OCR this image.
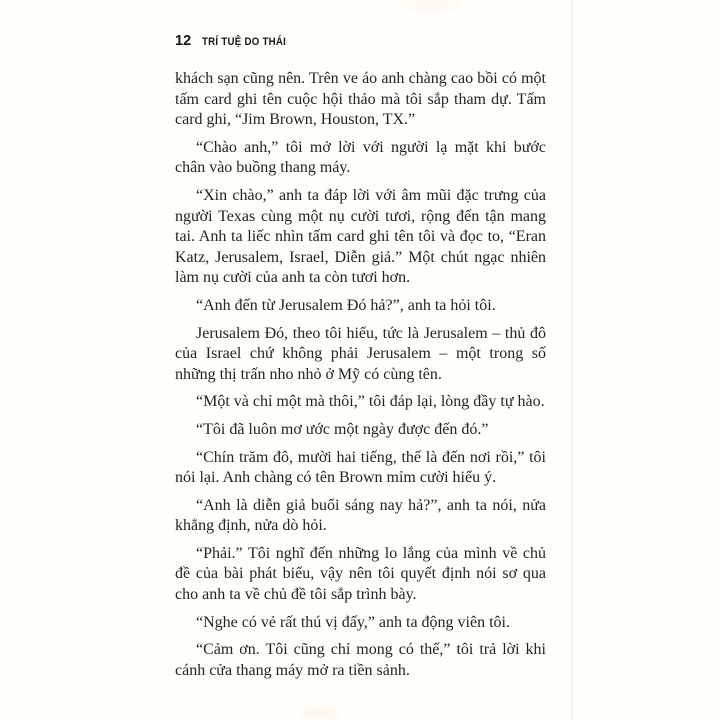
12 TRÍ TUỆ DO THÁI

khách sạn cũng nên. Trên ve áo anh chàng cao bồi có một tấm card ghi tên cuộc hội thảo mà tôi sắp tham dự. Tấm card ghi, “Jim Brown, Houston, TX.”

“Chào anh,” tôi mở lời với người lạ mặt khi bước chân vào buồng thang máy.

“Xin chào,” anh ta đáp lời với âm mũi đặc trưng của người Texas cùng một nụ cười tươi, rộng đến tận mang tai. Anh ta liếc nhìn tấm card ghi tên tôi và đọc to, “Eran Katz, Jerusalem, Israel, Diễn giả.” Một chút ngạc nhiên làm nụ cười của anh ta còn tươi hơn.

“Anh đến từ Jerusalem Đó hả?”, anh ta hỏi tôi.

Jerusalem Đó, theo tôi hiểu, tức là Jerusalem – thủ đô của Israel chứ không phải Jerusalem – một trong số những thị trấn nho nhỏ ở Mỹ có cùng tên.

“Một và chỉ một mà thôi,” tôi đáp lại, lòng đầy tự hào.

“Tôi đã luôn mơ ước một ngày được đến đó.”

“Chín trăm đô, mười hai tiếng, thế là đến nơi rồi,” tôi nói lại. Anh chàng có tên Brown mỉm cười hiểu ý.

“Anh là diễn giả buổi sáng nay hả?”, anh ta nói, nửa khẳng định, nửa dò hỏi.

“Phải.” Tôi nghĩ đến những lo lắng của mình về chủ đề của bài phát biểu, vậy nên tôi quyết định nói sơ qua cho anh ta về chủ đề tôi sắp trình bày.

“Nghe có vẻ rất thú vị đấy,” anh ta động viên tôi.

“Cảm ơn. Tôi cũng chỉ mong có thế,” tôi trả lời khi cánh cửa thang máy mở ra tiền sảnh.
